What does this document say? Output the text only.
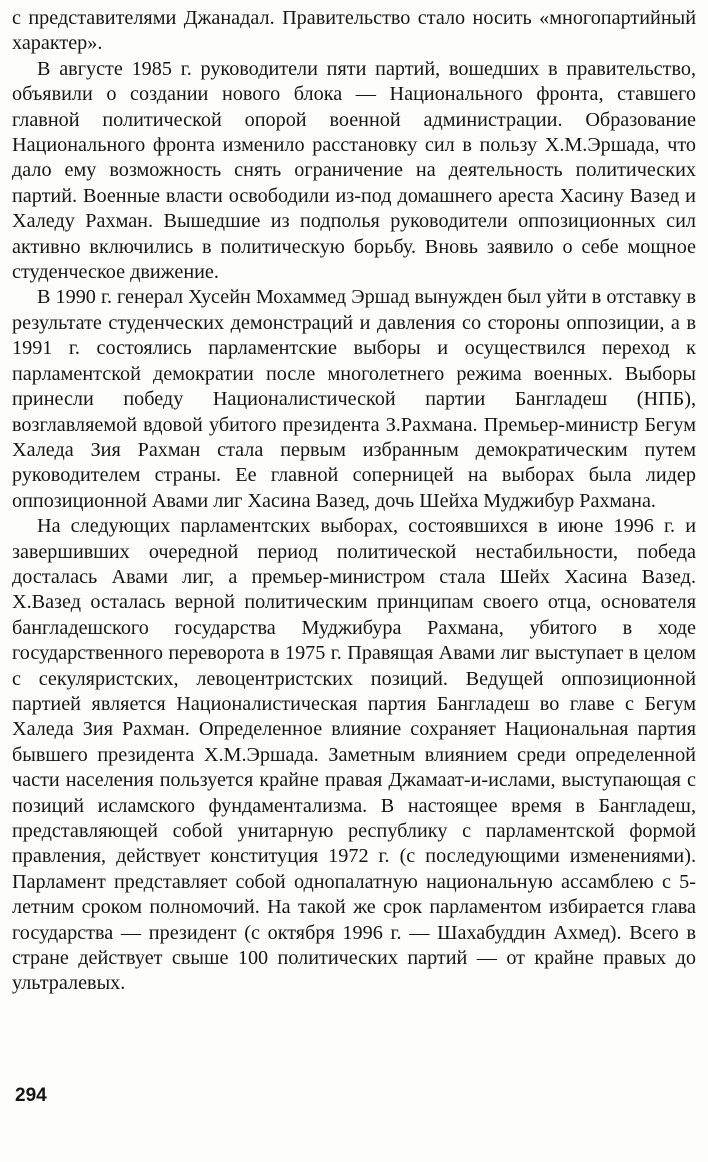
с представителями Джанадал. Правительство стало носить «многопартийный характер».

В августе 1985 г. руководители пяти партий, вошедших в правительство, объявили о создании нового блока — Национального фронта, ставшего главной политической опорой военной администрации. Образование Национального фронта изменило расстановку сил в пользу Х.М.Эршада, что дало ему возможность снять ограничение на деятельность политических партий. Военные власти освободили из-под домашнего ареста Хасину Вазед и Халеду Рахман. Вышедшие из подполья руководители оппозиционных сил активно включились в политическую борьбу. Вновь заявило о себе мощное студенческое движение.

В 1990 г. генерал Хусейн Мохаммед Эршад вынужден был уйти в отставку в результате студенческих демонстраций и давления со стороны оппозиции, а в 1991 г. состоялись парламентские выборы и осуществился переход к парламентской демократии после многолетнего режима военных. Выборы принесли победу Националистической партии Бангладеш (НПБ), возглавляемой вдовой убитого президента З.Рахмана. Премьер-министр Бегум Халеда Зия Рахман стала первым избранным демократическим путем руководителем страны. Ее главной соперницей на выборах была лидер оппозиционной Авами лиг Хасина Вазед, дочь Шейха Муджибур Рахмана.

На следующих парламентских выборах, состоявшихся в июне 1996 г. и завершивших очередной период политической нестабильности, победа досталась Авами лиг, а премьер-министром стала Шейх Хасина Вазед. Х.Вазед осталась верной политическим принципам своего отца, основателя бангладешского государства Муджибура Рахмана, убитого в ходе государственного переворота в 1975 г. Правящая Авами лиг выступает в целом с секуляристских, левоцентристских позиций. Ведущей оппозиционной партией является Националистическая партия Бангладеш во главе с Бегум Халеда Зия Рахман. Определенное влияние сохраняет Национальная партия бывшего президента Х.М.Эршада. Заметным влиянием среди определенной части населения пользуется крайне правая Джамаат-и-ислами, выступающая с позиций исламского фундаментализма. В настоящее время в Бангладеш, представляющей собой унитарную республику с парламентской формой правления, действует конституция 1972 г. (с последующими изменениями). Парламент представляет собой однопалатную национальную ассамблею с 5-летним сроком полномочий. На такой же срок парламентом избирается глава государства — президент (с октября 1996 г. — Шахабуддин Ахмед). Всего в стране действует свыше 100 политических партий — от крайне правых до ультралевых.

294
